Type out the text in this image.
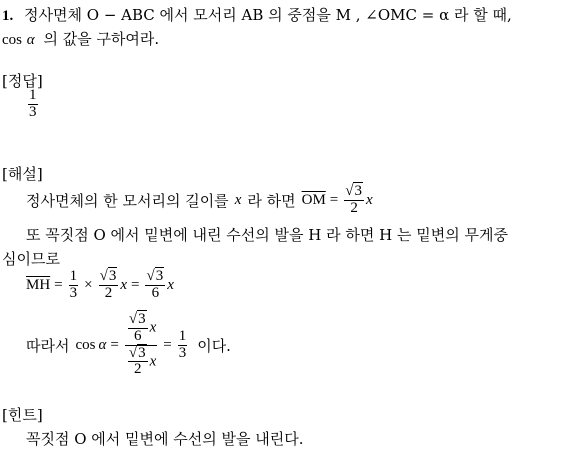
1. 정사면체 O − ABC 에서 모서리 AB 의 중점을 M , ∠OMC = α 라 할 때,
cos α 의 값을 구하여라.
[정답]
$\frac{1}{3}$
[해설]
정사면체의 한 모서리의 길이를 x 라 하면 $\overline{OM} = \frac{√3}{2}$ x
또 꼭짓점 O 에서 밑변에 내린 수선의 발을 H 라 하면 H 는 밑변의 무게중
심이므로
$\overline{MH} = \frac{1}{3} \times \frac{√3}{2}$ $x = \frac{√3}{6}$ x
따라서 $\cos \alpha = \frac{\frac{√3}{6} x}{\frac{√3}{2} x} = \frac{1}{3}$ 이다.
[힌트]
꼭짓점 O 에서 밑변에 수선의 발을 내린다.
